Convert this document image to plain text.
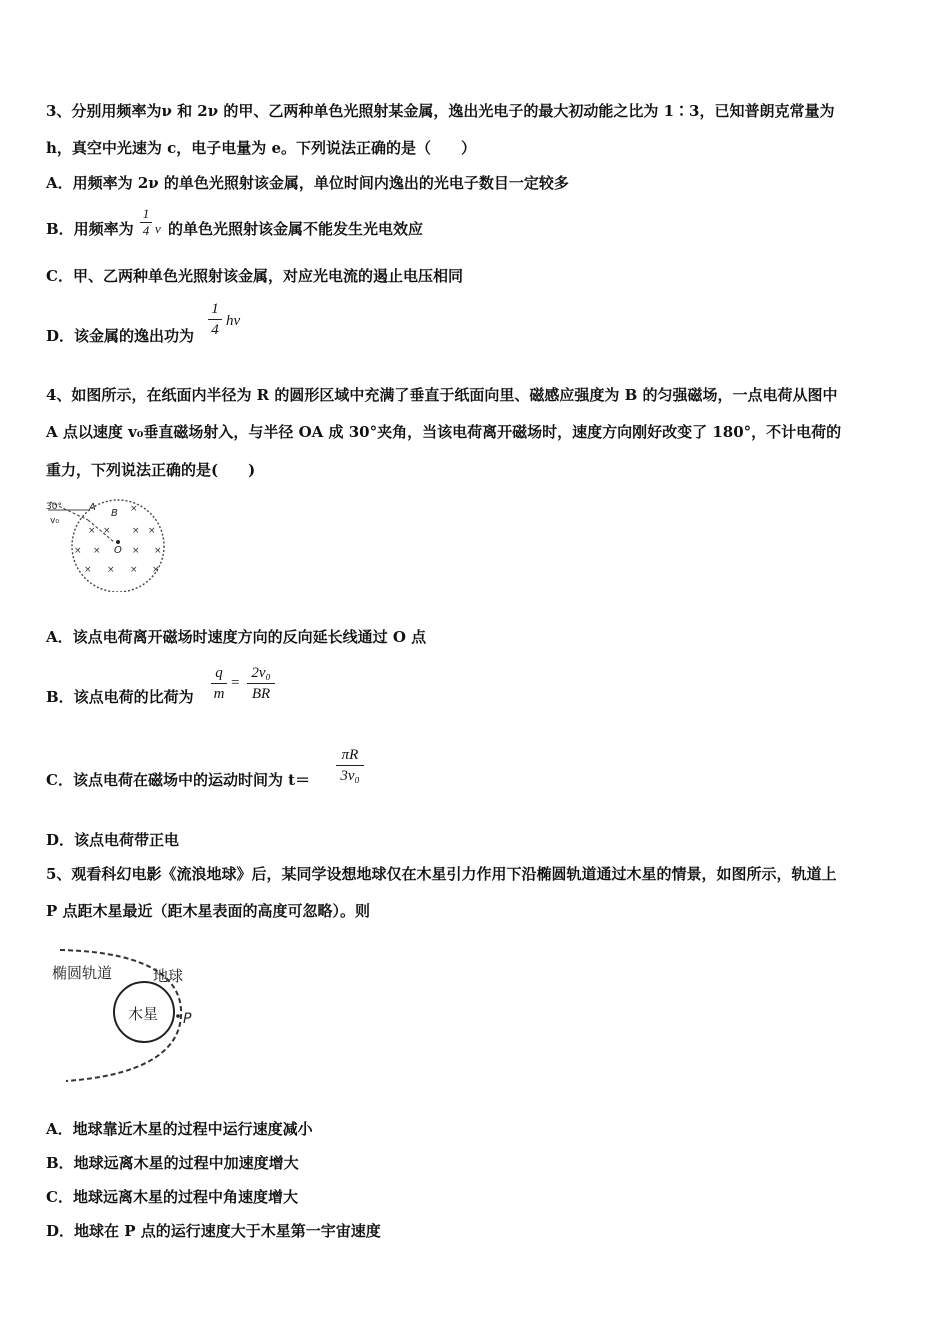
3、分别用频率为ν 和 2ν 的甲、乙两种单色光照射某金属，逸出光电子的最大初动能之比为 1∶3，已知普朗克常量为
h，真空中光速为 c，电子电量为 e。下列说法正确的是（　　）
A．用频率为 2ν 的单色光照射该金属，单位时间内逸出的光电子数目一定较多
B．用频率为
1
4 ν 的单色光照射该金属不能发生光电效应
C．甲、乙两种单色光照射该金属，对应光电流的遏止电压相同
D．该金属的逸出功为
1
4
hν
4、如图所示，在纸面内半径为 R 的圆形区域中充满了垂直于纸面向里、磁感应强度为 B 的匀强磁场，一点电荷从图中
A 点以速度 v₀垂直磁场射入，与半径 OA 成 30°夹角，当该电荷离开磁场时，速度方向刚好改变了 180°，不计电荷的
重力，下列说法正确的是(　　)
30°
v₀
A
B
O
×
× × × ×
× ×	× ×
× × × ×
A．该点电荷离开磁场时速度方向的反向延长线通过 O 点
B．该点电荷的比荷为
q
m
=
2v₀
BR
C．该点电荷在磁场中的运动时间为 t＝
πR
3v₀
D．该点电荷带正电
5、观看科幻电影《流浪地球》后，某同学设想地球仅在木星引力作用下沿椭圆轨道通过木星的情景，如图所示，轨道上
P 点距木星最近（距木星表面的高度可忽略）。则
椭圆轨道	地球
木星 P
A．地球靠近木星的过程中运行速度减小
B．地球远离木星的过程中加速度增大
C．地球远离木星的过程中角速度增大
D．地球在 P 点的运行速度大于木星第一宇宙速度
